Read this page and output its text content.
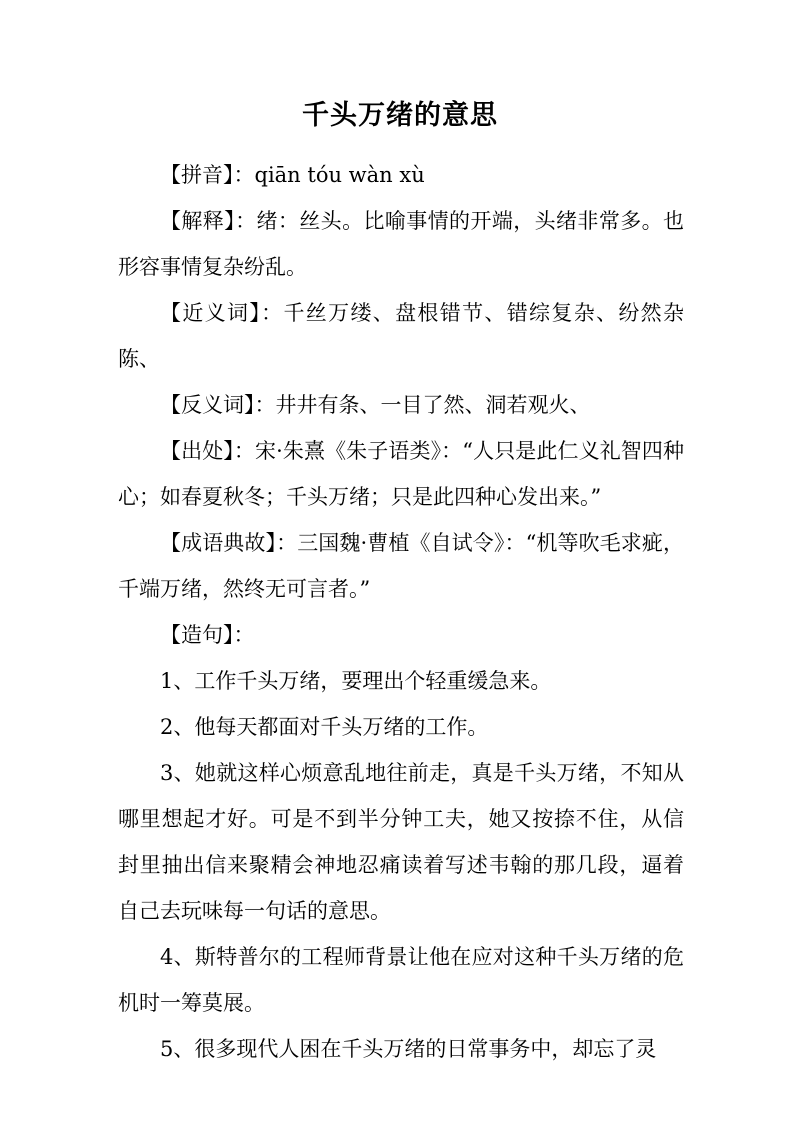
千头万绪的意思

【拼音】：qiān tóu wàn xù

【解释】：绪：丝头。比喻事情的开端，头绪非常多。也形容事情复杂纷乱。

【近义词】：千丝万缕、盘根错节、错综复杂、纷然杂陈、

【反义词】：井井有条、一目了然、洞若观火、

【出处】：宋·朱熹《朱子语类》：“人只是此仁义礼智四种心；如春夏秋冬；千头万绪；只是此四种心发出来。”

【成语典故】：三国魏·曹植《自试令》：“机等吹毛求疵，千端万绪，然终无可言者。”

【造句】：

1、工作千头万绪，要理出个轻重缓急来。

2、他每天都面对千头万绪的工作。

3、她就这样心烦意乱地往前走，真是千头万绪，不知从哪里想起才好。可是不到半分钟工夫，她又按捺不住，从信封里抽出信来聚精会神地忍痛读着写述韦翰的那几段，逼着自己去玩味每一句话的意思。

4、斯特普尔的工程师背景让他在应对这种千头万绪的危机时一筹莫展。

5、很多现代人困在千头万绪的日常事务中，却忘了灵
